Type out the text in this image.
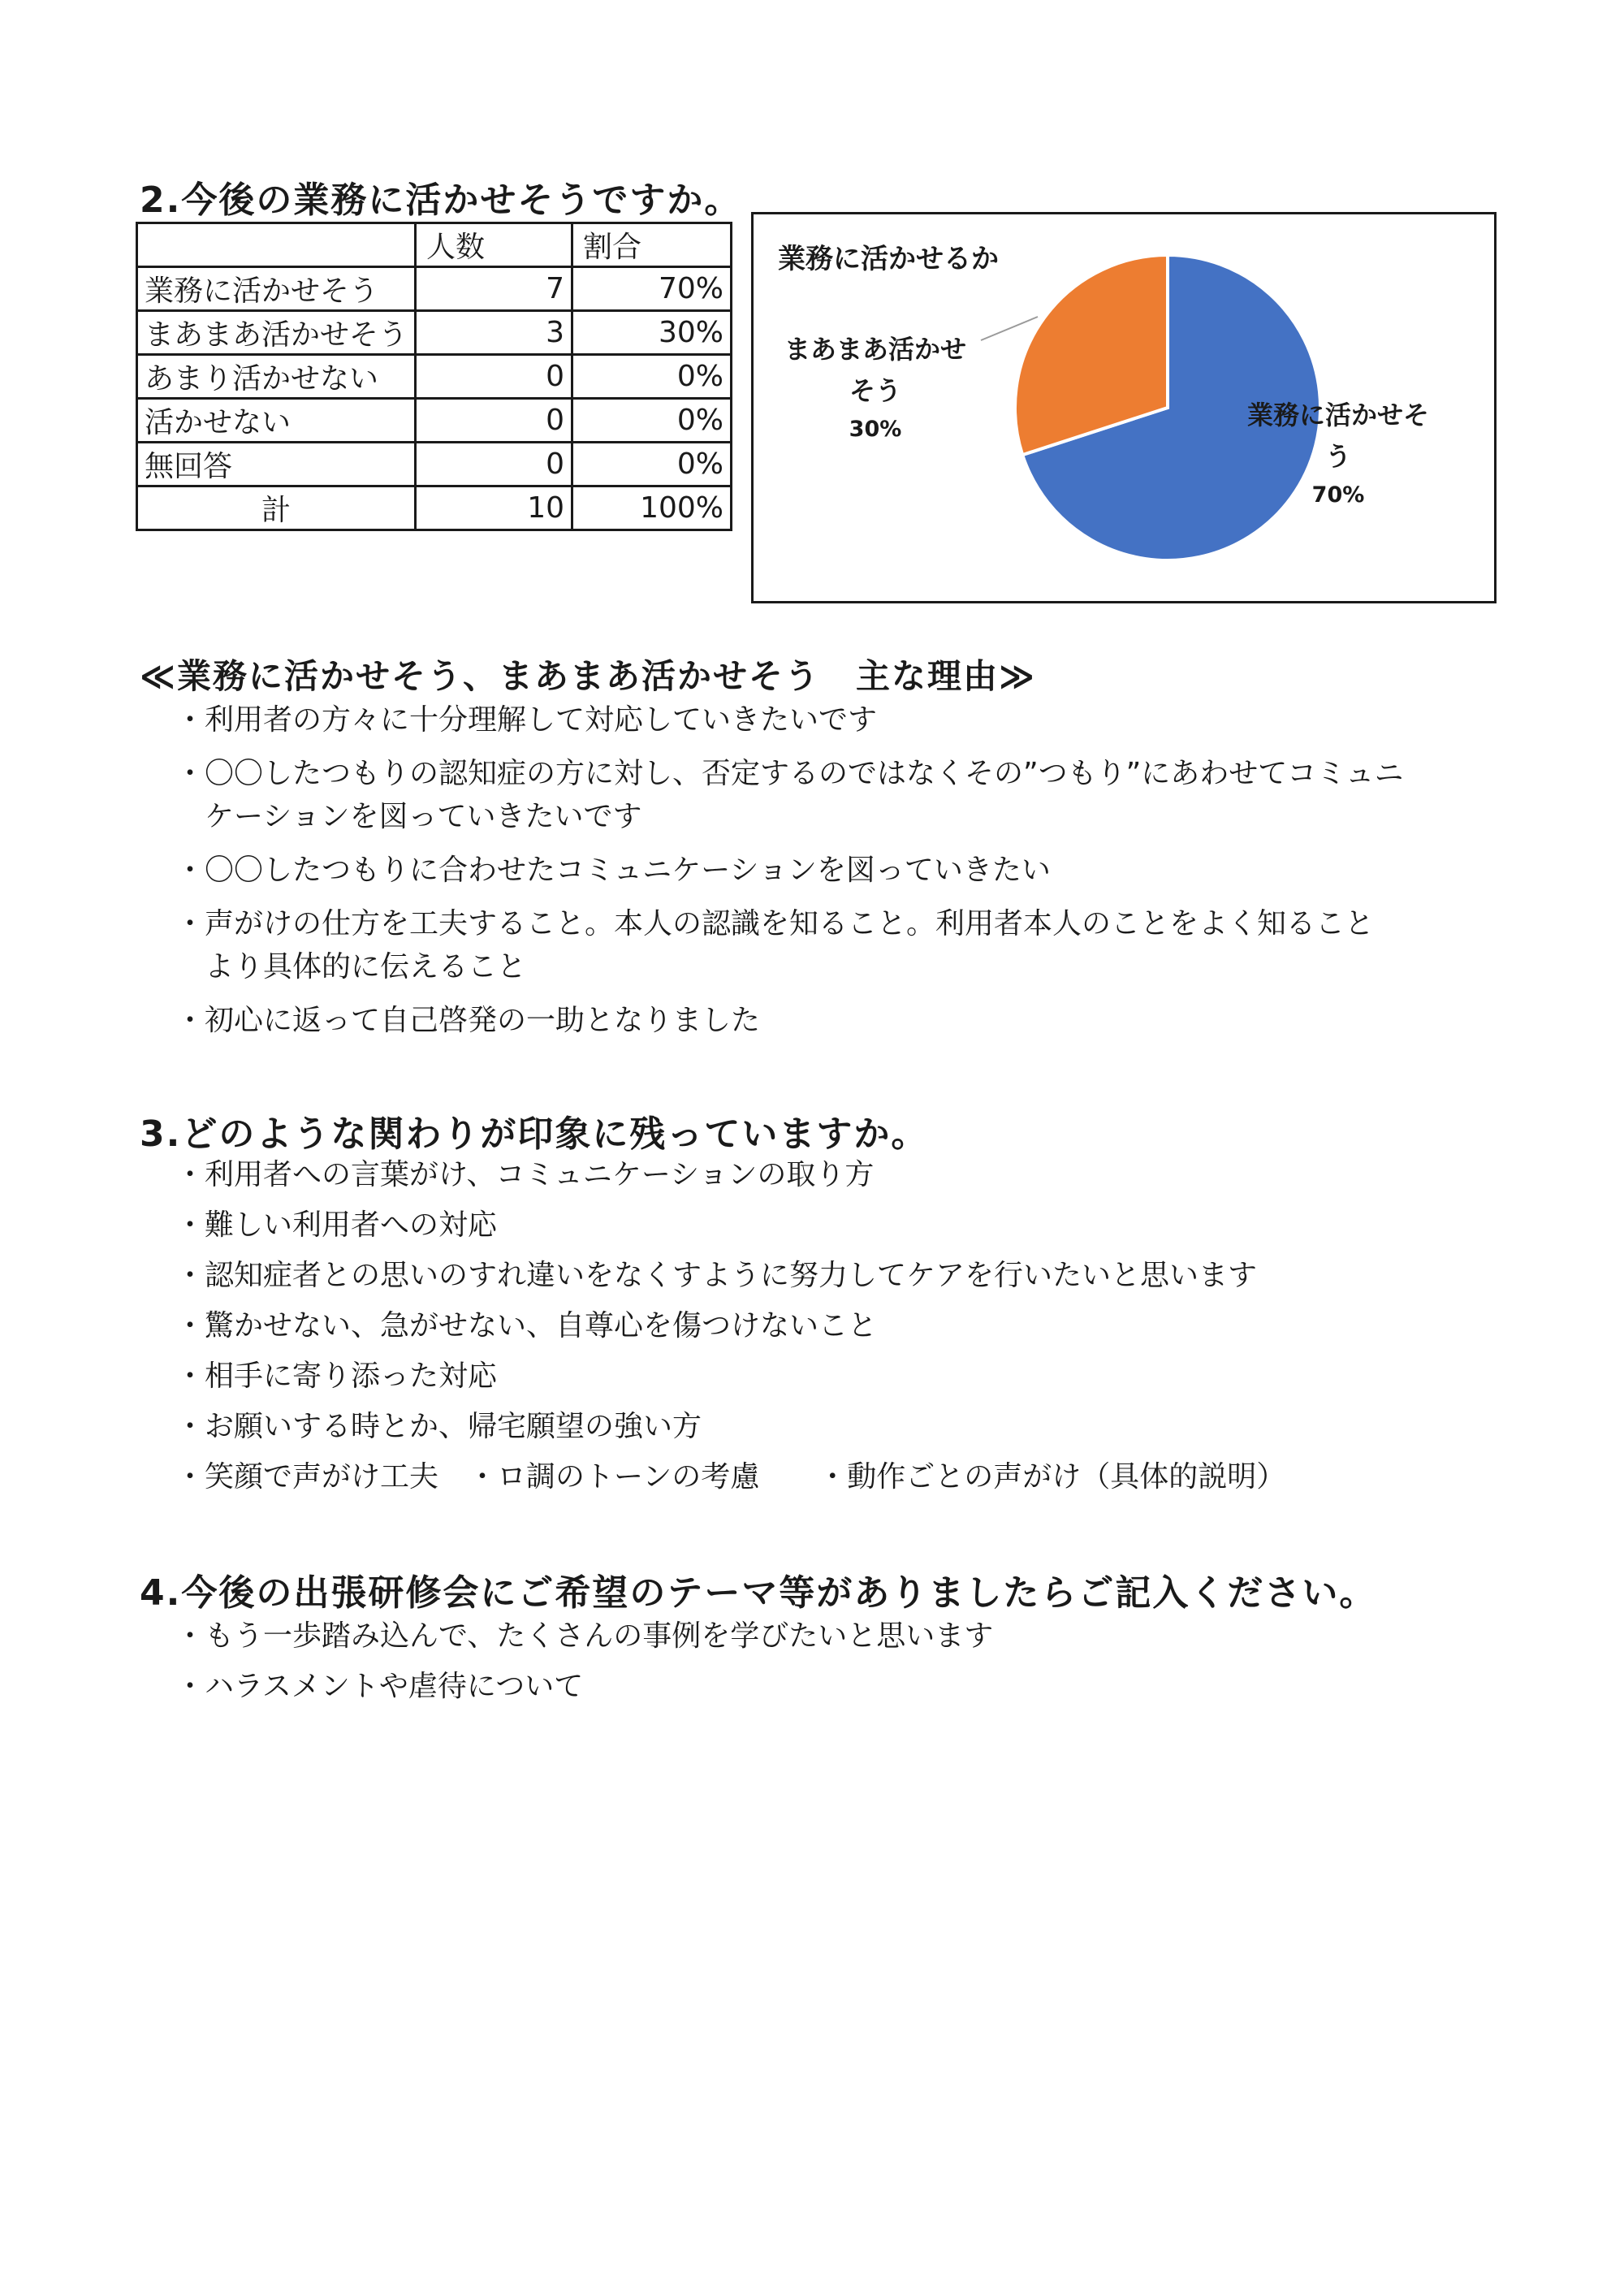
2.今後の業務に活かせそうですか。
	人数	割合
業務に活かせそう	7	70%
まあまあ活かせそう	3	30%
あまり活かせない	0	0%
活かせない	0	0%
無回答	0	0%
計	10	100%
業務に活かせるか
業務に活かせそ
う
70%
まあまあ活かせ
そう
30%
≪業務に活かせそう、まあまあ活かせそう　主な理由≫
・ 利用者の方々に十分理解して対応していきたいです
・ 〇〇したつもりの認知症の方に対し、否定するのではなくその”つもり”にあわせてコミュニ
ケーションを図っていきたいです
・ 〇〇したつもりに合わせたコミュニケーションを図っていきたい
・ 声がけの仕方を工夫すること。本人の認識を知ること。利用者本人のことをよく知ること
より具体的に伝えること
・ 初心に返って自己啓発の一助となりました
3.どのような関わりが印象に残っていますか。
・ 利用者への言葉がけ、コミュニケーションの取り方
・ 難しい利用者への対応
・ 認知症者との思いのすれ違いをなくすように努力してケアを行いたいと思います
・ 驚かせない、急がせない、自尊心を傷つけないこと
・ 相手に寄り添った対応
・ お願いする時とか、帰宅願望の強い方
・ 笑顔で声がけ工夫　・ロ調のトーンの考慮　　・動作ごとの声がけ（具体的説明）
4.今後の出張研修会にご希望のテーマ等がありましたらご記入ください。
・ もう一歩踏み込んで、たくさんの事例を学びたいと思います
・ ハラスメントや虐待について
